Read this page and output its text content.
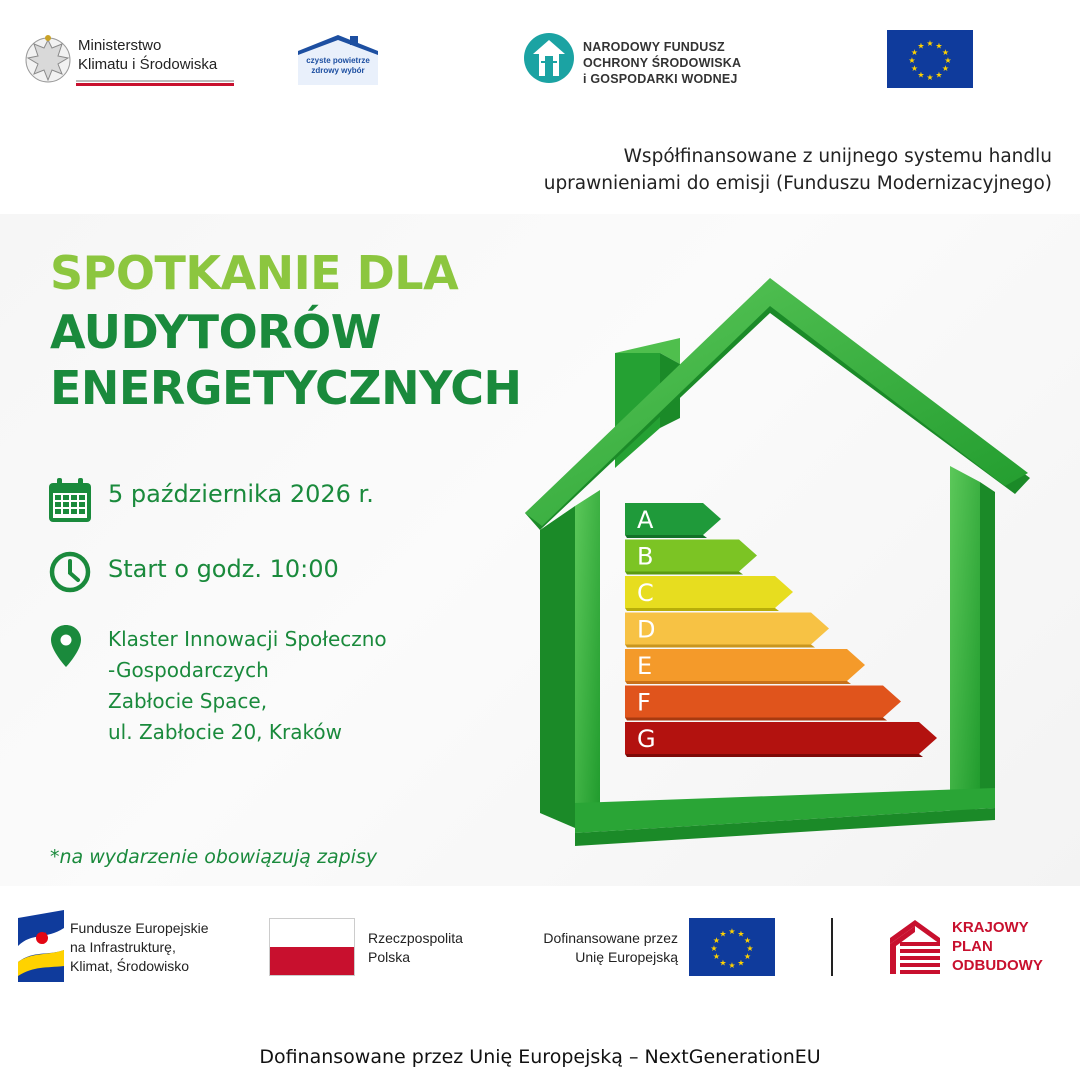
Ministerstwo
Klimatu i Środowiska	czyste powietrze
zdrowy wybór
NARODOWY FUNDUSZ
OCHRONY ŚRODOWISKA
i GOSPODARKI WODNEJ
★ ★
★
★
★
★
★
★
★
★
★
★
Współfinansowane z unijnego systemu handlu
uprawnieniami do emisji (Funduszu Modernizacyjnego)
SPOTKANIE DLA
AUDYTORÓW
ENERGETYCZNYCH
5 października 2026 r.
Start o godz. 10:00
Klaster Innowacji Społeczno
-Gospodarczych
Zabłocie Space,
ul. Zabłocie 20, Kraków
*na wydarzenie obowiązują zapisy
A
B
C
D
E
F
G
Fundusze Europejskie
na Infrastrukturę,
Klimat, Środowisko
Rzeczpospolita
Polska
Dofinansowane przez
Unię Europejską
★ ★
★
★
★
★
★
★
★
★
★
★	KRAJOWY
PLAN
ODBUDOWY
Dofinansowane przez Unię Europejską – NextGenerationEU
